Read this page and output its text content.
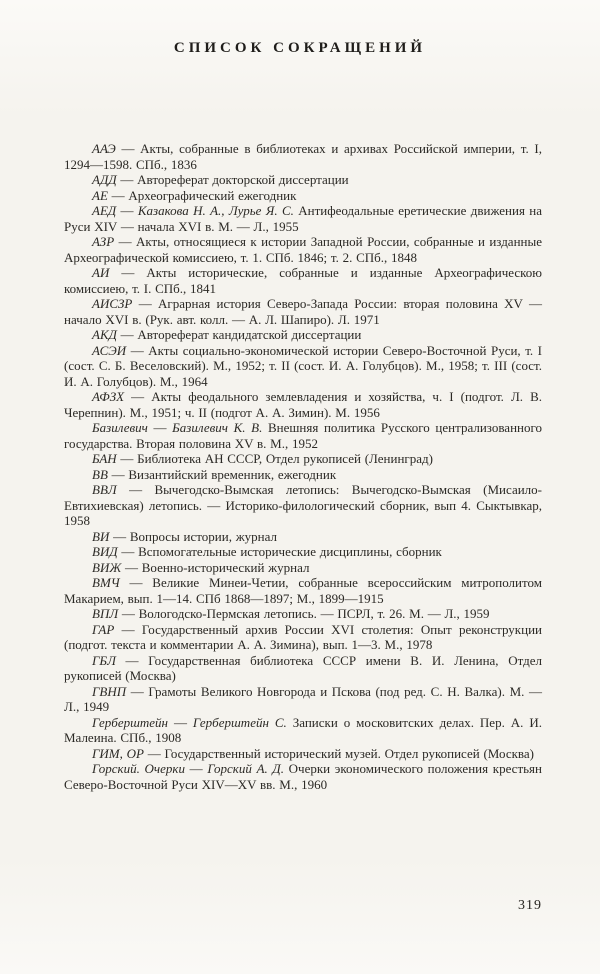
СПИСОК СОКРАЩЕНИЙ

ААЭ — Акты, собранные в библиотеках и архивах Российской империи, т. I, 1294—1598. СПб., 1836

АДД — Автореферат докторской диссертации

АЕ — Археографический ежегодник

АЕД — Казакова Н. А., Лурье Я. С. Антифеодальные еретические движения на Руси XIV — начала XVI в. М. — Л., 1955

АЗР — Акты, относящиеся к истории Западной России, собранные и изданные Археографической комиссиею, т. 1. СПб. 1846; т. 2. СПб., 1848

АИ — Акты исторические, собранные и изданные Археографическою комиссиею, т. I. СПб., 1841

АИСЗР — Аграрная история Северо-Запада России: вторая половина XV — начало XVI в. (Рук. авт. колл. — А. Л. Шапиро). Л. 1971

АКД — Автореферат кандидатской диссертации

АСЭИ — Акты социально-экономической истории Северо-Восточной Руси, т. I (сост. С. Б. Веселовский). М., 1952; т. II (сост. И. А. Голубцов). М., 1958; т. III (сост. И. А. Голубцов). М., 1964

АФЗХ — Акты феодального землевладения и хозяйства, ч. I (подгот. Л. В. Черепнин). М., 1951; ч. II (подгот А. А. Зимин). М. 1956

Базилевич — Базилевич К. В. Внешняя политика Русского централизованного государства. Вторая половина XV в. М., 1952

БАН — Библиотека АН СССР, Отдел рукописей (Ленинград)

ВВ — Византийский временник, ежегодник

ВВЛ — Вычегодско-Вымская летопись: Вычегодско-Вымская (Мисаило-Евтихиевская) летопись. — Историко-филологический сборник, вып 4. Сыктывкар, 1958

ВИ — Вопросы истории, журнал

ВИД — Вспомогательные исторические дисциплины, сборник

ВИЖ — Военно-исторический журнал

ВМЧ — Великие Минеи-Четии, собранные всероссийским митрополитом Макарием, вып. 1—14. СПб 1868—1897; М., 1899—1915

ВПЛ — Вологодско-Пермская летопись. — ПСРЛ, т. 26. М. — Л., 1959

ГАР — Государственный архив России XVI столетия: Опыт реконструкции (подгот. текста и комментарии А. А. Зимина), вып. 1—3. М., 1978

ГБЛ — Государственная библиотека СССР имени В. И. Ленина, Отдел рукописей (Москва)

ГВНП — Грамоты Великого Новгорода и Пскова (под ред. С. Н. Валка). М. — Л., 1949

Герберштейн — Герберштейн С. Записки о московитских делах. Пер. А. И. Малеина. СПб., 1908

ГИМ, ОР — Государственный исторический музей. Отдел рукописей (Москва)

Горский. Очерки — Горский А. Д. Очерки экономического положения крестьян Северо-Восточной Руси XIV—XV вв. М., 1960

319
